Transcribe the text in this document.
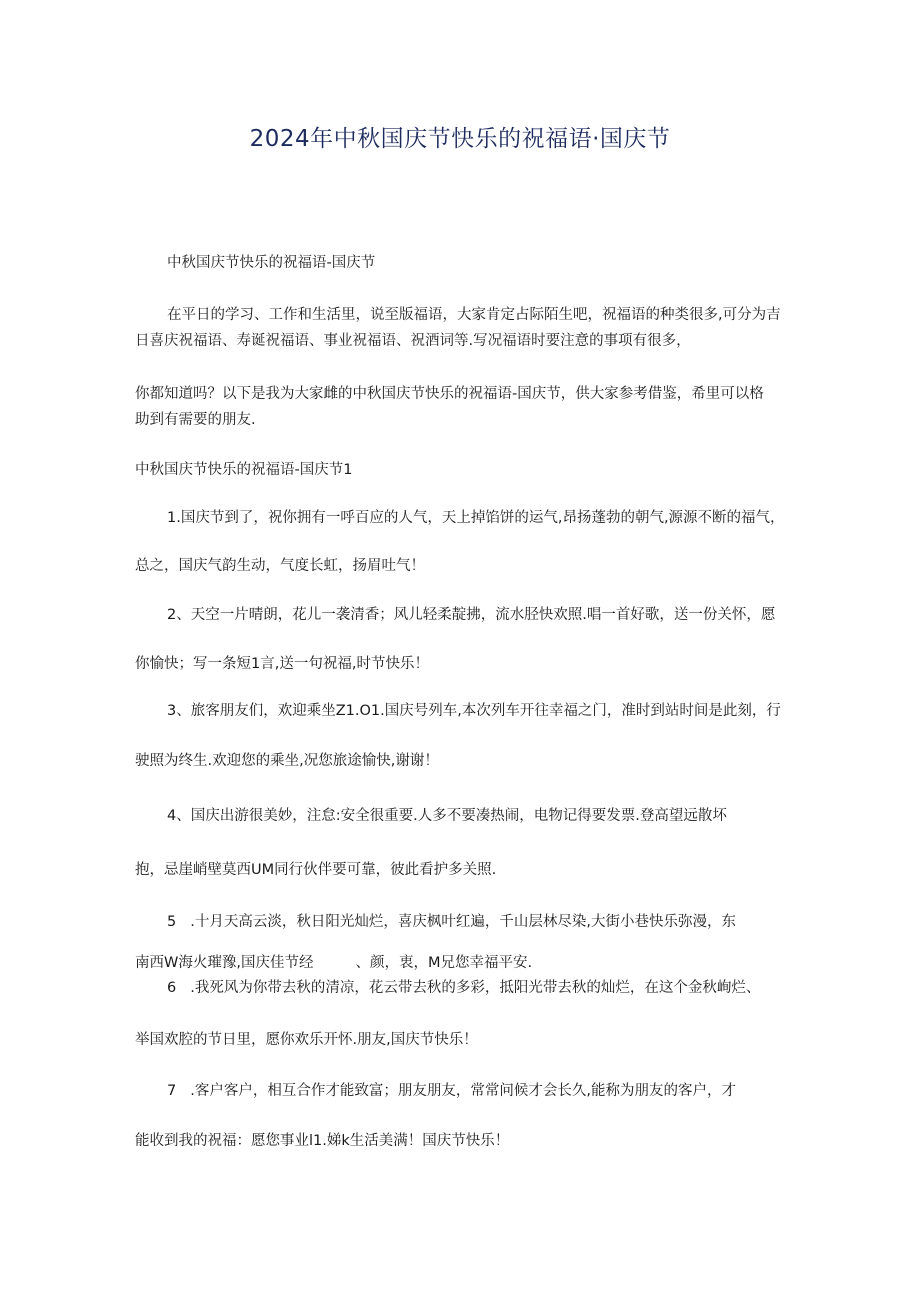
2024年中秋国庆节快乐的祝福语·国庆节
中秋国庆节快乐的祝福语-国庆节
在平日的学习、工作和生活里，说至版福语，大家肯定占际陌生吧，祝福语的种类很多,可分为吉
日喜庆祝福语、寿诞祝福语、事业祝福语、祝酒词等.写况福语时要注意的事项有很多，
你都知道吗？以下是我为大家雌的中秋国庆节快乐的祝福语-国庆节，供大家参考借鉴，希里可以格
助到有需要的朋友.
中秋国庆节快乐的祝福语-国庆节1
1.国庆节到了，祝你拥有一呼百应的人气，天上掉馅饼的运气,昂扬蓬勃的朝气,源源不断的福气，
总之，国庆气韵生动，气度长虹，扬眉吐气！
2、天空一片晴朗，花儿一袭清香；风儿轻柔靛拂，流水胫快欢照.唱一首好歌，送一份关怀，愿
你愉快；写一条短1言,送一句祝福,时节快乐！
3、旅客朋友们，欢迎乘坐Z1.O1.国庆号列车,本次列车开往幸福之门，准时到站时间是此刻，行
驶照为终生.欢迎您的乘坐,况您旅途愉快,谢谢！
4、国庆出游很美妙，注怠:安全很重要.人多不要凑热闹，电物记得要发票.登高望远散坏
抱，忌崖峭壁莫西UM同行伙伴要可靠，彼此看护多关照.
5 .十月天高云淡，秋日阳光灿烂，喜庆枫叶红遍，千山层林尽染,大街小巷快乐弥漫，东
南西W海火璀豫,国庆佳节经	、颜，衷，M兄您幸福平安.
6 .我死风为你带去秋的清凉，花云带去秋的多彩，抵阳光带去秋的灿烂，在这个金秋峋烂、
举国欢腔的节日里，愿你欢乐开怀.朋友,国庆节快乐！
7 .客户客户，相互合作才能致富；朋友朋友，常常问候才会长久,能称为朋友的客户，才
能收到我的祝福：愿您事业l1.娣k生活美满！国庆节快乐！
